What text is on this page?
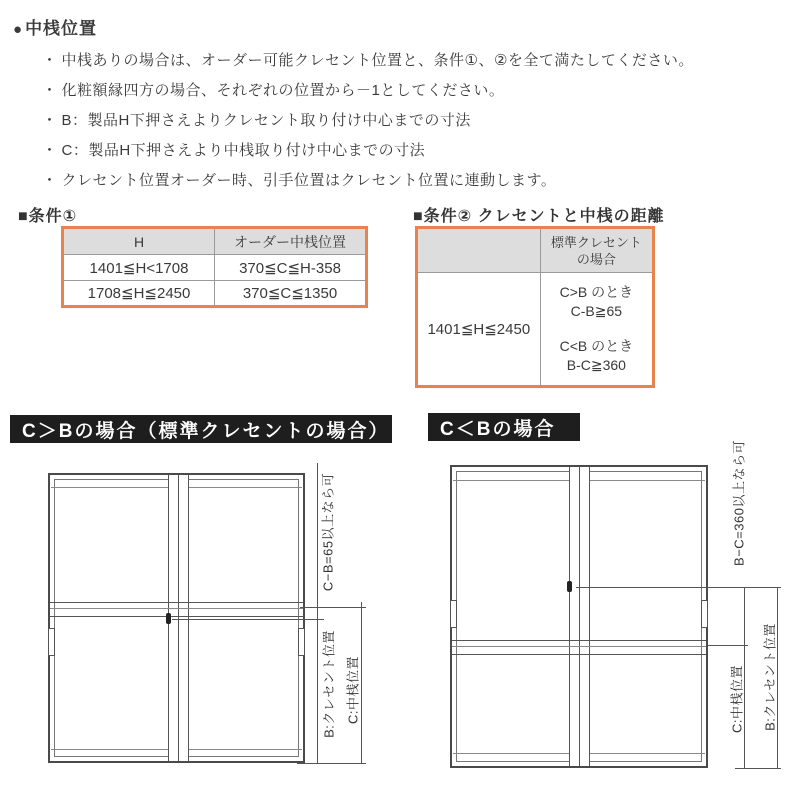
● 中桟位置
・ 中桟ありの場合は、オーダー可能クレセント位置と、条件①、②を全て満たしてください。
・ 化粧額縁四方の場合、それぞれの位置から－1としてください。
・ B：製品H下押さえよりクレセント取り付け中心までの寸法
・ C：製品H下押さえより中桟取り付け中心までの寸法
・ クレセント位置オーダー時、引手位置はクレセント位置に連動します。
■条件①
H	オーダー中桟位置
1401≦H<1708	370≦C≦H-358
1708≦H≦2450	370≦C≦1350
■条件② クレセントと中桟の距離

	標準クレセント
の場合

1401≦H≦2450	C>B のとき
C-B≧65
C<B のとき
B-C≧360
C＞Bの場合（標準クレセントの場合）
C−B=65以上なら可
B:クレセント位置 C:中桟位置
C＜Bの場合
B−C=360以上なら可
C:中桟位置 B:クレセント位置
